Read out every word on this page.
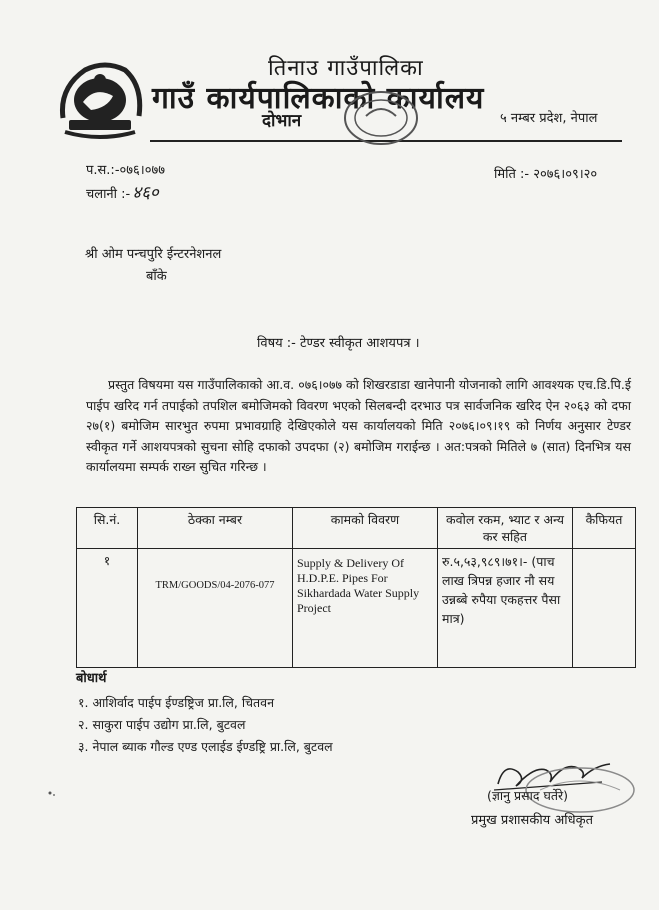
तिनाउ गाउँपालिका
गाउँ कार्यपालिकाको कार्यालय
दोभान	५ नम्बर प्रदेश, नेपाल
प.स.:-०७६।०७७
चलानी :- ४६०
मिति :- २०७६।०९।२०
श्री ओम पन्चपुरि ईन्टरनेशनल
बाँके
विषय :- टेण्डर स्वीकृत आशयपत्र ।
प्रस्तुत विषयमा यस गाउँपालिकाको आ.व. ०७६।०७७ को शिखरडाडा खानेपानी योजनाको लागि आवश्यक एच.डि.पि.ई पाईप खरिद गर्न तपाईको तपशिल बमोजिमको विवरण भएको सिलबन्दी दरभाउ पत्र सार्वजनिक खरिद ऐन २०६३ को दफा २७(१) बमोजिम सारभुत रुपमा प्रभावग्राहि देखिएकोले यस कार्यालयको मिति २०७६।०९।१९ को निर्णय अनुसार टेण्डर स्वीकृत गर्ने आशयपत्रको सुचना सोहि दफाको उपदफा (२) बमोजिम गराईन्छ । अत:पत्रको मितिले ७ (सात) दिनभित्र यस कार्यालयमा सम्पर्क राख्न सुचित गरिन्छ ।
सि.नं.	ठेक्का नम्बर	कामको विवरण	कवोल रकम, भ्याट र अन्य कर सहित	कैफियत
१	TRM/GOODS/04-2076-077	Supply & Delivery Of H.D.P.E. Pipes For Sikhardada Water Supply Project	रु.५,५३,९८९।७१।- (पाच लाख त्रिपन्न हजार नौ सय उन्नब्बे रुपैया एकहत्तर पैसा मात्र)	

बोधार्थ
१. आशिर्वाद पाईप ईण्डष्ट्रिज प्रा.लि, चितवन
२. साकुरा पाईप उद्योग प्रा.लि, बुटवल
३. नेपाल ब्याक गौल्ड एण्ड एलाईड ईण्डष्ट्रि प्रा.लि, बुटवल
(ज्ञानु प्रसाद घर्तेरे)
प्रमुख प्रशासकीय अधिकृत
